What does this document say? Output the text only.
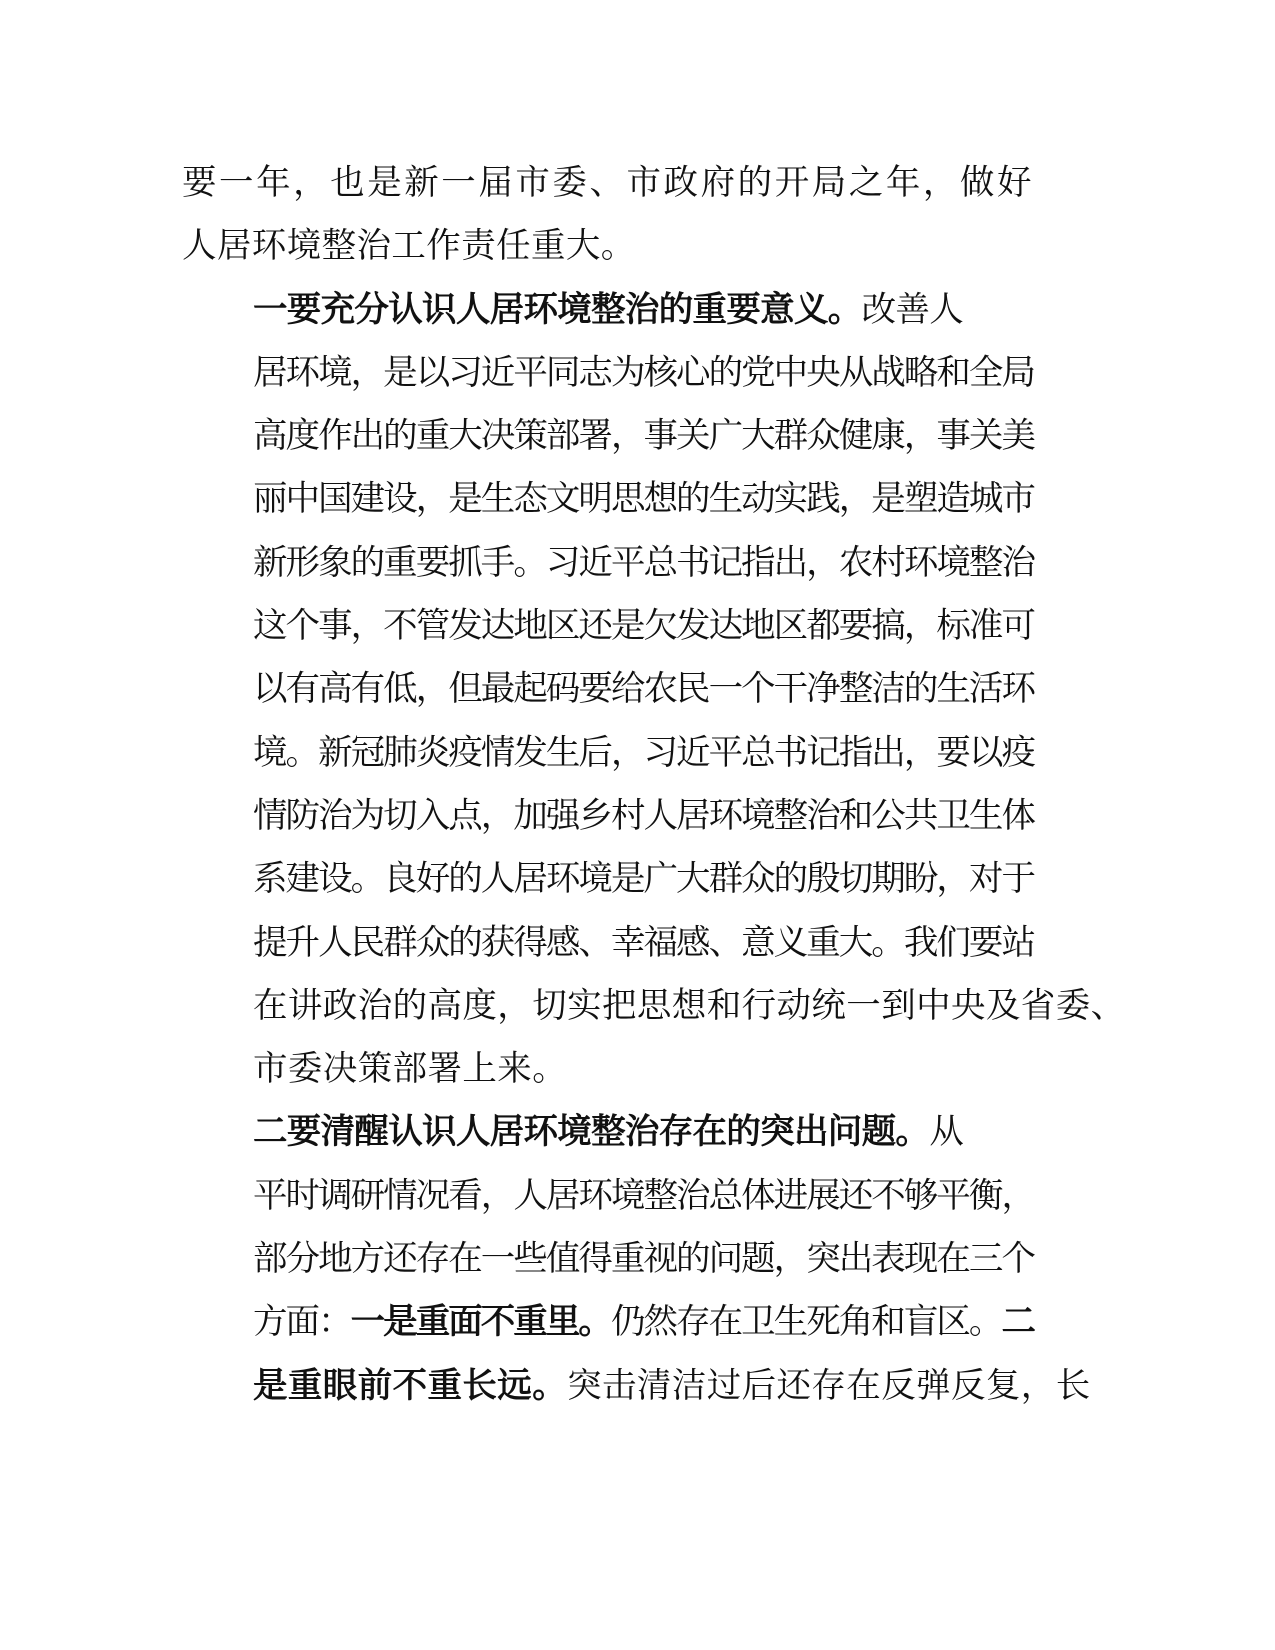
要一年，也是新一届市委、市政府的开局之年，做好
人居环境整治工作责任重大。

一要充分认识人居环境整治的重要意义。改善人
居环境，是以习近平同志为核心的党中央从战略和全局
高度作出的重大决策部署，事关广大群众健康，事关美
丽中国建设，是生态文明思想的生动实践，是塑造城市
新形象的重要抓手。习近平总书记指出，农村环境整治
这个事，不管发达地区还是欠发达地区都要搞，标准可
以有高有低，但最起码要给农民一个干净整洁的生活环
境。新冠肺炎疫情发生后，习近平总书记指出，要以疫
情防治为切入点，加强乡村人居环境整治和公共卫生体
系建设。良好的人居环境是广大群众的殷切期盼，对于
提升人民群众的获得感、幸福感、意义重大。我们要站
在讲政治的高度，切实把思想和行动统一到中央及省委、
市委决策部署上来。

二要清醒认识人居环境整治存在的突出问题。从
平时调研情况看，人居环境整治总体进展还不够平衡，
部分地方还存在一些值得重视的问题，突出表现在三个
方面：一是重面不重里。仍然存在卫生死角和盲区。二
是重眼前不重长远。突击清洁过后还存在反弹反复，长
